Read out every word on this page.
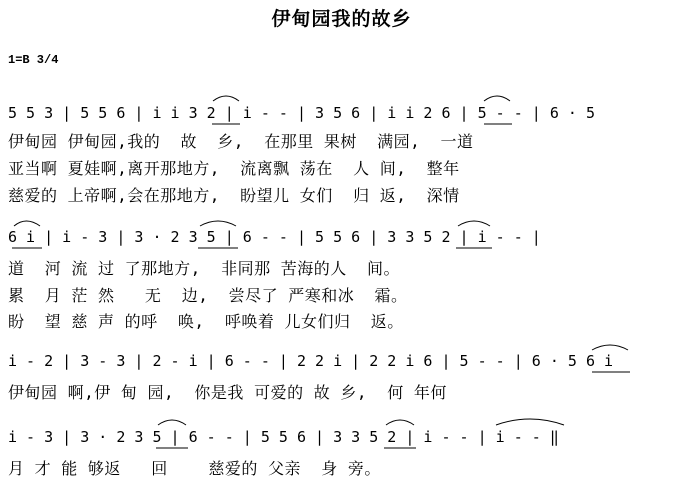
伊甸园我的故乡
1=B 3/4
5 5 3 | 5 5 6 | i i 3 2 | i - - | 3 5 6 | i i 2 6 | 5 - - | 6 · 5
伊甸园 伊甸园,我的  故  乡,  在那里 果树  满园,  一道
亚当啊 夏娃啊,离开那地方,  流离飘 荡在  人 间,  整年
慈爱的 上帝啊,会在那地方,  盼望儿 女们  归 返,  深情
6 i | i - 3 | 3 · 2 3 5 | 6 - - | 5 5 6 | 3 3 5 2 | i - - |
道  河 流 过 了那地方,  非同那 苦海的人  间。
累  月 茫 然   无  边,  尝尽了 严寒和冰  霜。
盼  望 慈 声 的呼  唤,  呼唤着 儿女们归  返。
i - 2 | 3 - 3 | 2 - i | 6 - - | 2 2 i | 2 2 i 6 | 5 - - | 6 · 5 6 i
伊甸园 啊,伊 甸 园,  你是我 可爱的 故 乡,  何 年何
i - 3 | 3 · 2 3 5 | 6 - - | 5 5 6 | 3 3 5 2 | i - - | i - - ‖
月 才 能 够返   回    慈爱的 父亲  身 旁。
